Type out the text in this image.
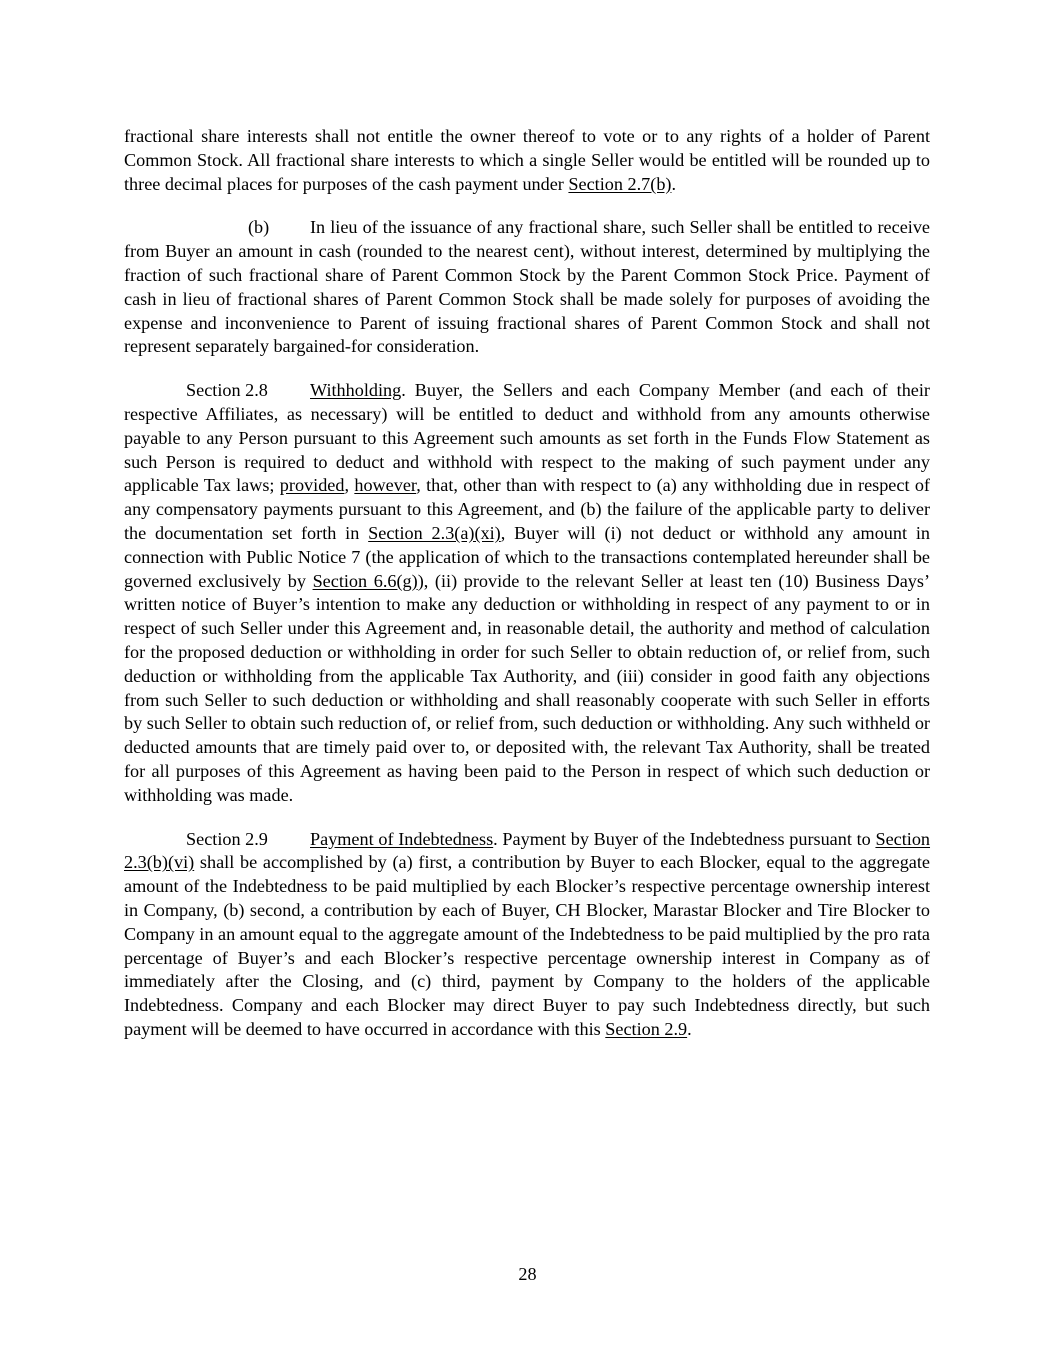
fractional share interests shall not entitle the owner thereof to vote or to any rights of a holder of Parent Common Stock. All fractional share interests to which a single Seller would be entitled will be rounded up to three decimal places for purposes of the cash payment under Section 2.7(b).

(b) In lieu of the issuance of any fractional share, such Seller shall be entitled to receive from Buyer an amount in cash (rounded to the nearest cent), without interest, determined by multiplying the fraction of such fractional share of Parent Common Stock by the Parent Common Stock Price. Payment of cash in lieu of fractional shares of Parent Common Stock shall be made solely for purposes of avoiding the expense and inconvenience to Parent of issuing fractional shares of Parent Common Stock and shall not represent separately bargained-for consideration.

Section 2.8 Withholding. Buyer, the Sellers and each Company Member (and each of their respective Affiliates, as necessary) will be entitled to deduct and withhold from any amounts otherwise payable to any Person pursuant to this Agreement such amounts as set forth in the Funds Flow Statement as such Person is required to deduct and withhold with respect to the making of such payment under any applicable Tax laws; provided, however, that, other than with respect to (a) any withholding due in respect of any compensatory payments pursuant to this Agreement, and (b) the failure of the applicable party to deliver the documentation set forth in Section 2.3(a)(xi), Buyer will (i) not deduct or withhold any amount in connection with Public Notice 7 (the application of which to the transactions contemplated hereunder shall be governed exclusively by Section 6.6(g)), (ii) provide to the relevant Seller at least ten (10) Business Days’ written notice of Buyer’s intention to make any deduction or withholding in respect of any payment to or in respect of such Seller under this Agreement and, in reasonable detail, the authority and method of calculation for the proposed deduction or withholding in order for such Seller to obtain reduction of, or relief from, such deduction or withholding from the applicable Tax Authority, and (iii) consider in good faith any objections from such Seller to such deduction or withholding and shall reasonably cooperate with such Seller in efforts by such Seller to obtain such reduction of, or relief from, such deduction or withholding. Any such withheld or deducted amounts that are timely paid over to, or deposited with, the relevant Tax Authority, shall be treated for all purposes of this Agreement as having been paid to the Person in respect of which such deduction or withholding was made.

Section 2.9 Payment of Indebtedness. Payment by Buyer of the Indebtedness pursuant to Section 2.3(b)(vi) shall be accomplished by (a) first, a contribution by Buyer to each Blocker, equal to the aggregate amount of the Indebtedness to be paid multiplied by each Blocker’s respective percentage ownership interest in Company, (b) second, a contribution by each of Buyer, CH Blocker, Marastar Blocker and Tire Blocker to Company in an amount equal to the aggregate amount of the Indebtedness to be paid multiplied by the pro rata percentage of Buyer’s and each Blocker’s respective percentage ownership interest in Company as of immediately after the Closing, and (c) third, payment by Company to the holders of the applicable Indebtedness. Company and each Blocker may direct Buyer to pay such Indebtedness directly, but such payment will be deemed to have occurred in accordance with this Section 2.9.

28
